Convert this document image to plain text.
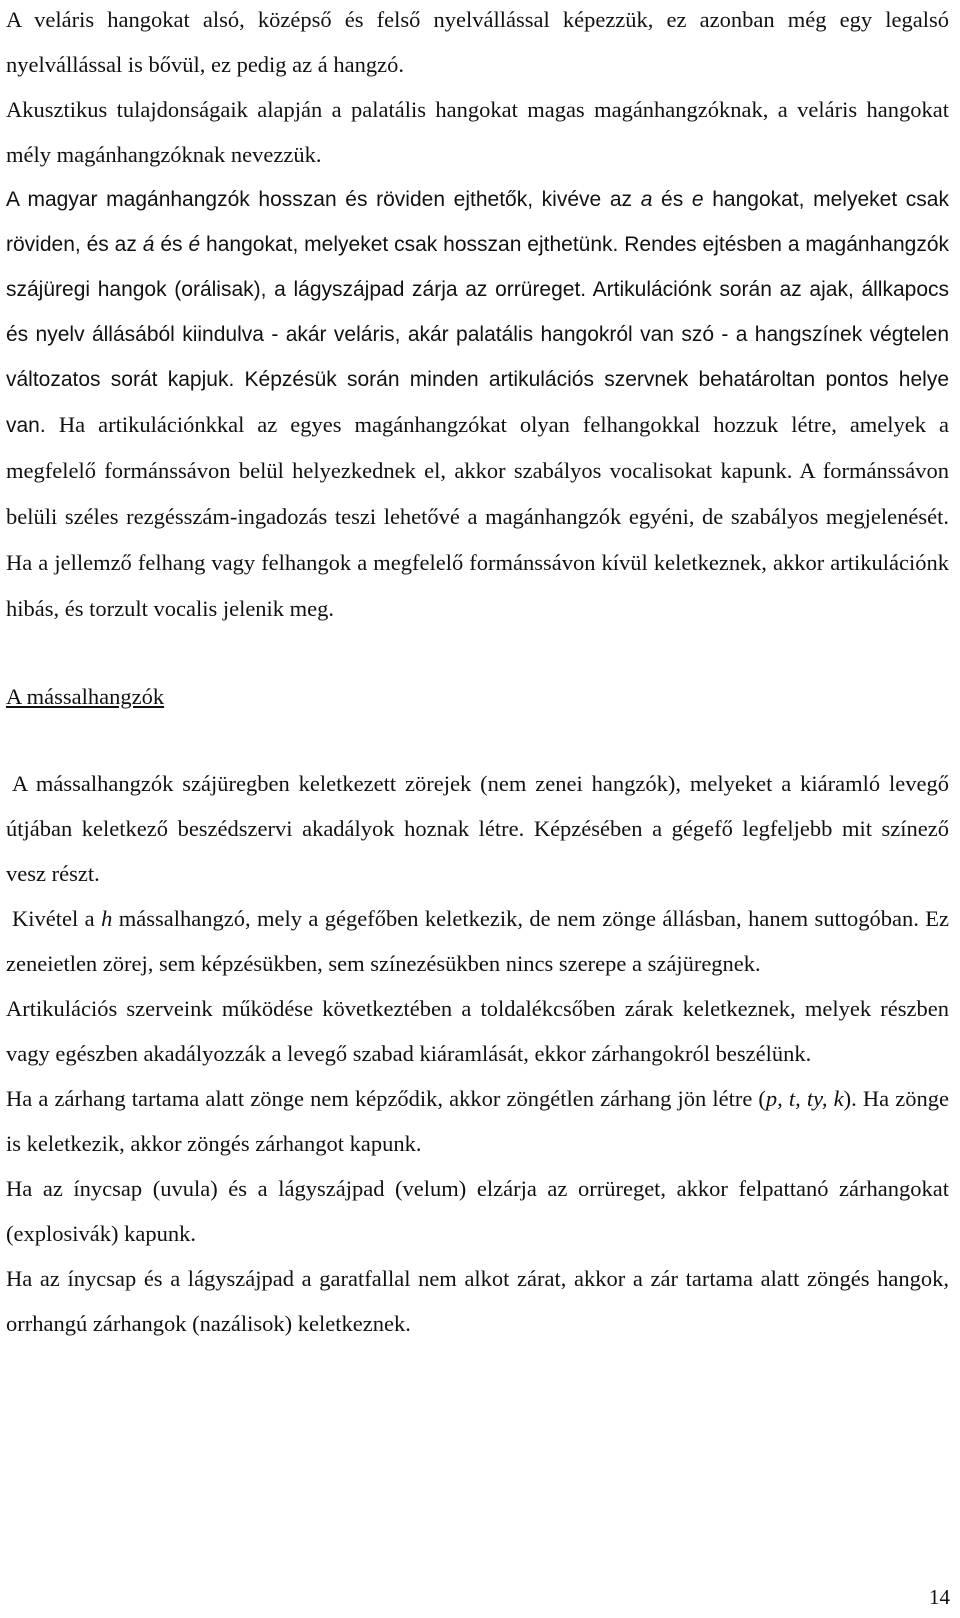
A veláris hangokat alsó, középső és felső nyelvállással képezzük, ez azonban még egy legalsó nyelvállással is bővül, ez pedig az á hangzó.

Akusztikus tulajdonságaik alapján a palatális hangokat magas magánhangzóknak, a veláris hangokat mély magánhangzóknak nevezzük.

A magyar magánhangzók hosszan és röviden ejthetők, kivéve az a és e hangokat, melyeket csak röviden, és az á és é hangokat, melyeket csak hosszan ejthetünk. Rendes ejtésben a magánhangzók szájüregi hangok (orálisak), a lágyszájpad zárja az orrüreget. Artikulációnk során az ajak, állkapocs és nyelv állásából kiindulva - akár veláris, akár palatális hangokról van szó - a hangszínek végtelen változatos sorát kapjuk. Képzésük során minden artikulációs szervnek behatároltan pontos helye van. Ha artikulációnkkal az egyes magánhangzókat olyan felhangokkal hozzuk létre, amelyek a megfelelő formánssávon belül helyezkednek el, akkor szabályos vocalisokat kapunk. A formánssávon belüli széles rezgésszám-ingadozás teszi lehetővé a magánhangzók egyéni, de szabályos megjelenését. Ha a jellemző felhang vagy felhangok a megfelelő formánssávon kívül keletkeznek, akkor artikulációnk hibás, és torzult vocalis jelenik meg.

A mássalhangzók

A mássalhangzók szájüregben keletkezett zörejek (nem zenei hangzók), melyeket a kiáramló levegő útjában keletkező beszédszervi akadályok hoznak létre. Képzésében a gégefő legfeljebb mit színező vesz részt.

Kivétel a h mássalhangzó, mely a gégefőben keletkezik, de nem zönge állásban, hanem suttogóban. Ez zeneietlen zörej, sem képzésükben, sem színezésükben nincs szerepe a szájüregnek.

Artikulációs szerveink működése következtében a toldalékcsőben zárak keletkeznek, melyek részben vagy egészben akadályozzák a levegő szabad kiáramlását, ekkor zárhangokról beszélünk.

Ha a zárhang tartama alatt zönge nem képződik, akkor zöngétlen zárhang jön létre (p, t, ty, k). Ha zönge is keletkezik, akkor zöngés zárhangot kapunk.

Ha az ínycsap (uvula) és a lágyszájpad (velum) elzárja az orrüreget, akkor felpattanó zárhangokat (explosivák) kapunk.

Ha az ínycsap és a lágyszájpad a garatfallal nem alkot zárat, akkor a zár tartama alatt zöngés hangok, orrhangú zárhangok (nazálisok) keletkeznek.

14
